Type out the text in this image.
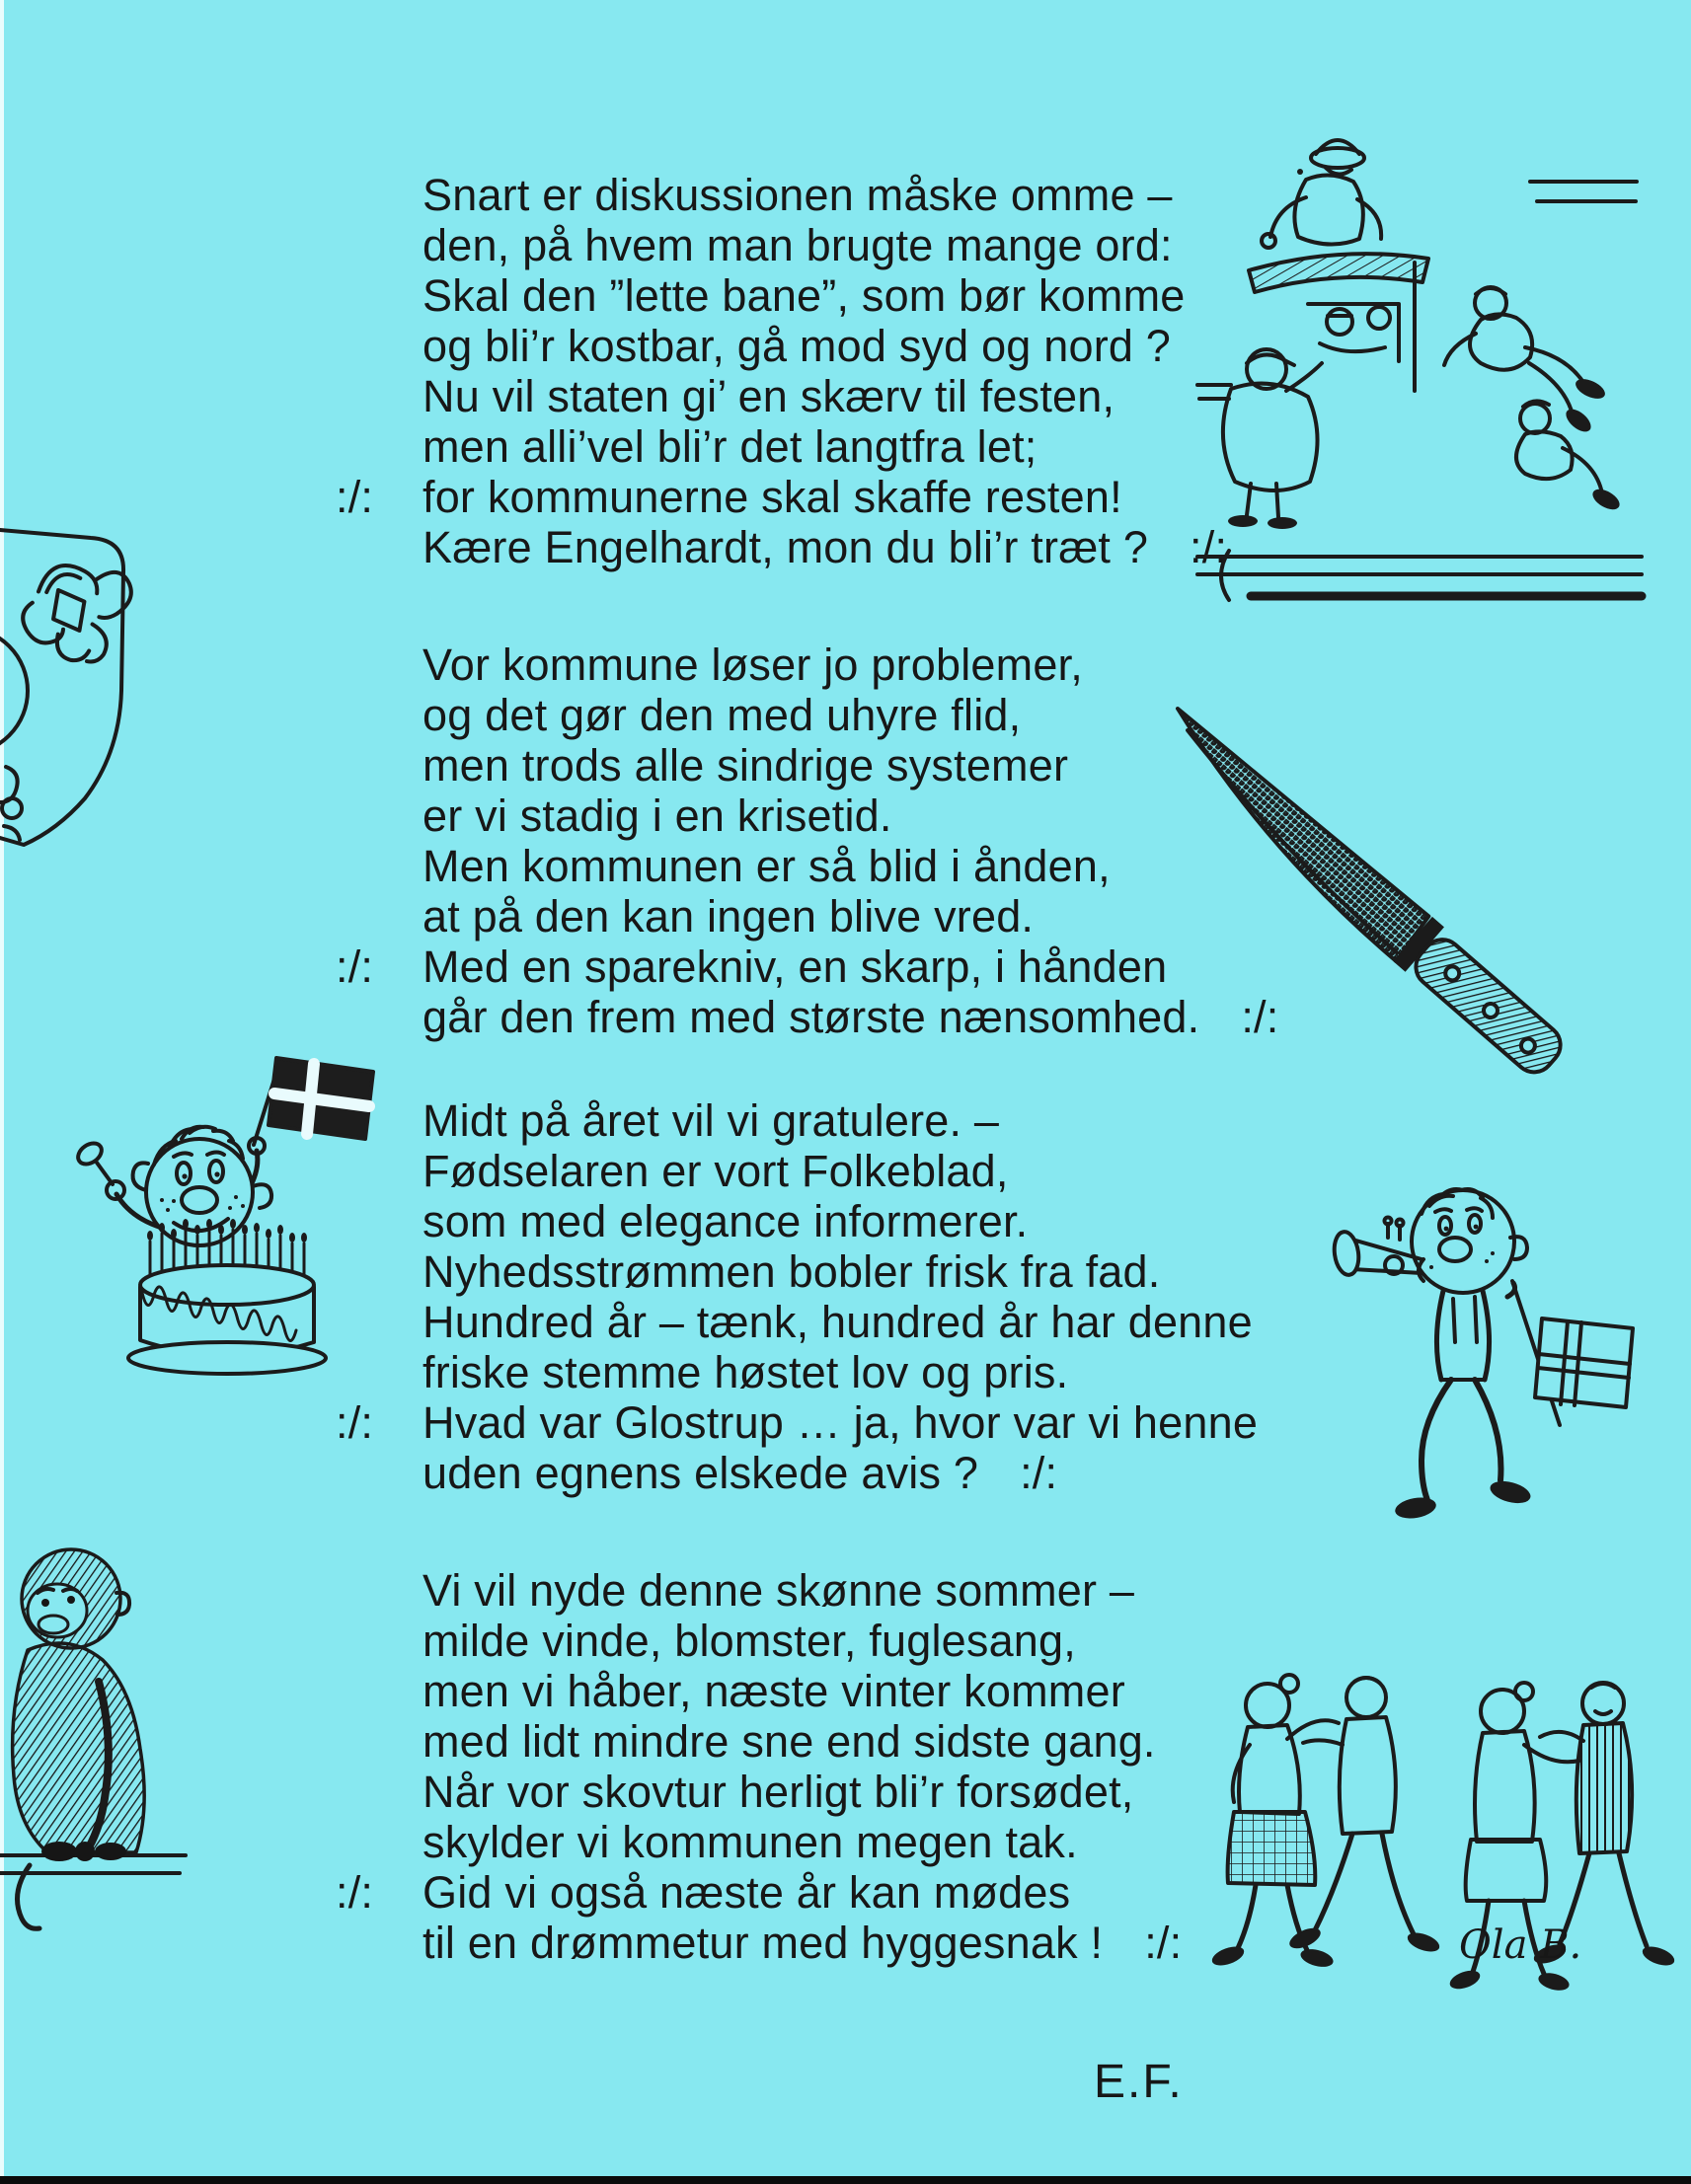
Snart er diskussionen måske omme –
den, på hvem man brugte mange ord:
Skal den ”lette bane”, som bør komme
og bli’r kostbar, gå mod syd og nord ?
Nu vil staten gi’ en skærv til festen,
men alli’vel bli’r det langtfra let;
:/: for kommunerne skal skaffe resten!
Kære Engelhardt, mon du bli’r træt ? :/:
Vor kommune løser jo problemer,
og det gør den med uhyre flid,
men trods alle sindrige systemer
er vi stadig i en krisetid.
Men kommunen er så blid i ånden,
at på den kan ingen blive vred.
:/: Med en sparekniv, en skarp, i hånden
går den frem med største nænsomhed. :/:
Midt på året vil vi gratulere. –
Fødselaren er vort Folkeblad,
som med elegance informerer.
Nyhedsstrømmen bobler frisk fra fad.
Hundred år – tænk, hundred år har denne
friske stemme høstet lov og pris.
:/: Hvad var Glostrup … ja, hvor var vi henne
uden egnens elskede avis ? :/:
Vi vil nyde denne skønne sommer –
milde vinde, blomster, fuglesang,
men vi håber, næste vinter kommer
med lidt mindre sne end sidste gang.
Når vor skovtur herligt bli’r forsødet,
skylder vi kommunen megen tak.
:/: Gid vi også næste år kan mødes
til en drømmetur med hyggesnak ! :/:	Ola B.
E.F.
